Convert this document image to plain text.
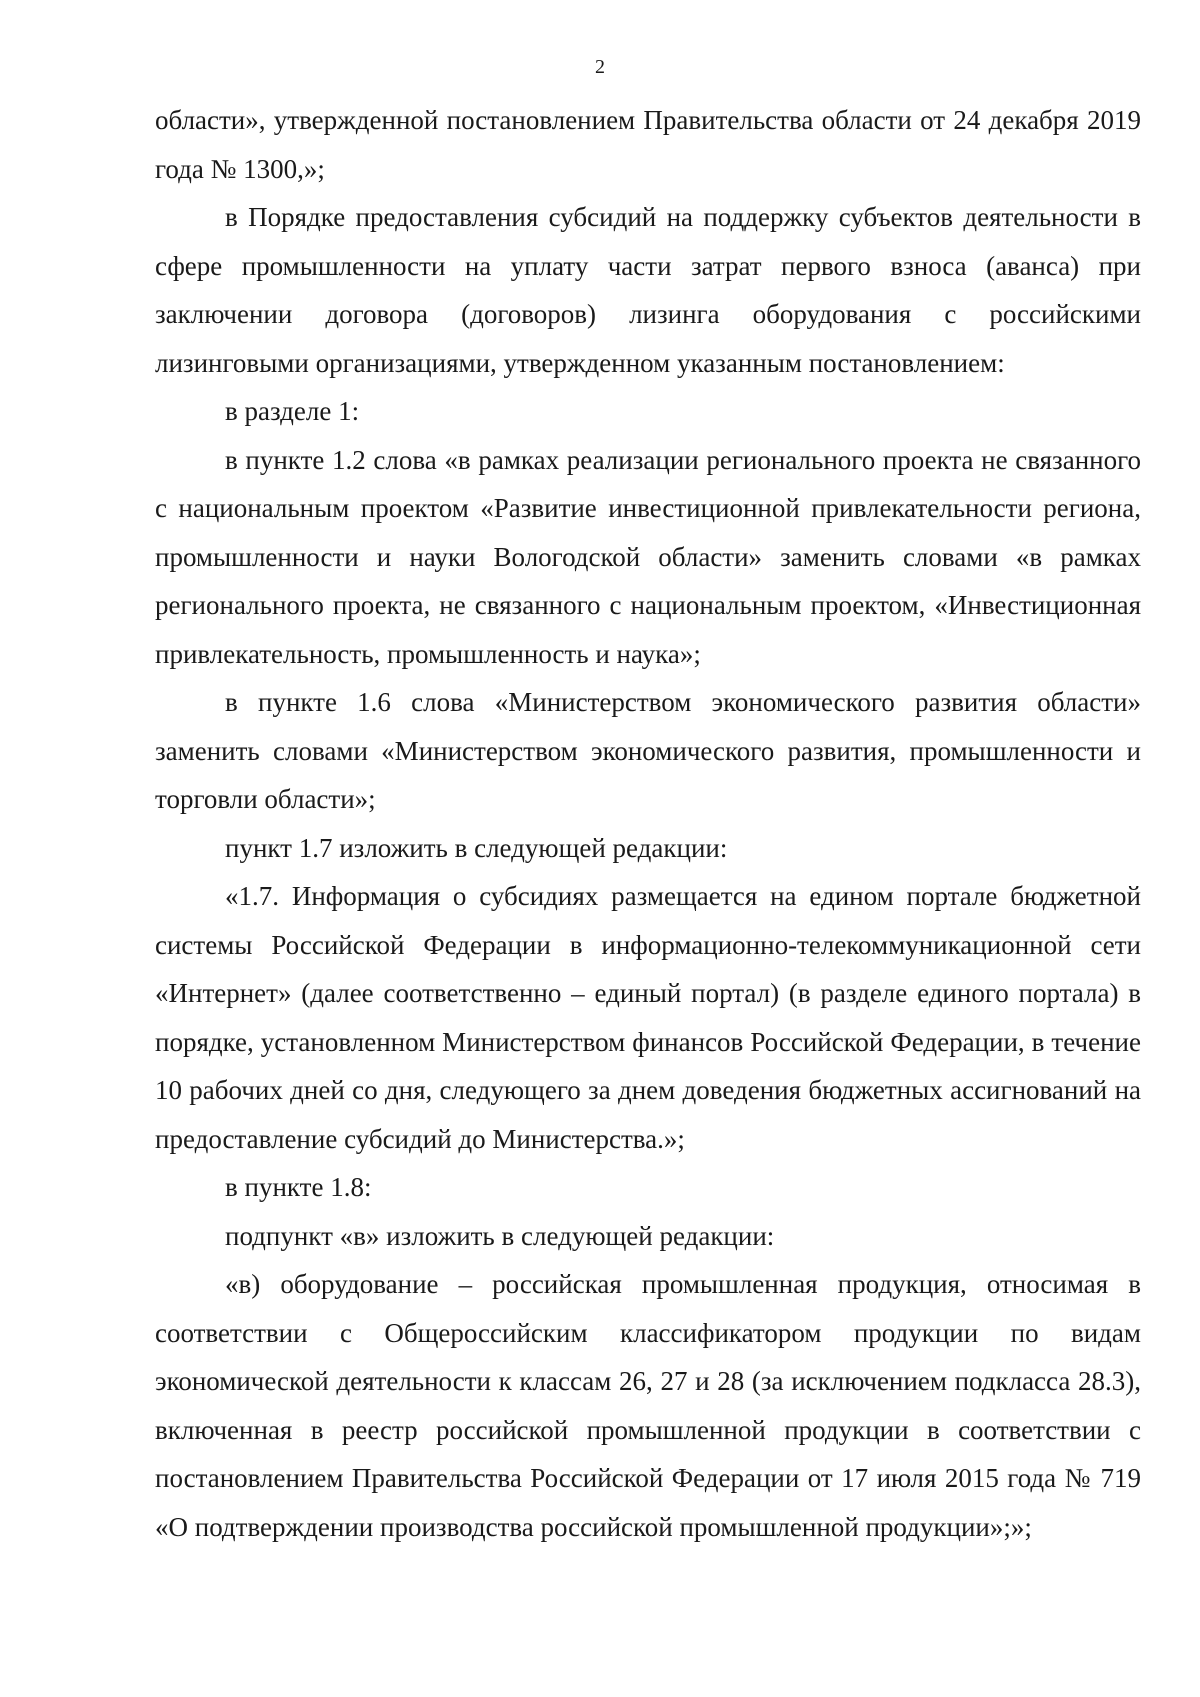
2

области», утвержденной постановлением Правительства области от 24 декабря 2019 года № 1300,»;

в Порядке предоставления субсидий на поддержку субъектов деятельности в сфере промышленности на уплату части затрат первого взноса (аванса) при заключении договора (договоров) лизинга оборудования с российскими лизинговыми организациями, утвержденном указанным постановлением:

в разделе 1:

в пункте 1.2 слова «в рамках реализации регионального проекта не связанного с национальным проектом «Развитие инвестиционной привлекательности региона, промышленности и науки Вологодской области» заменить словами «в рамках регионального проекта, не связанного с национальным проектом, «Инвестиционная привлекательность, промышленность и наука»;

в пункте 1.6 слова «Министерством экономического развития области» заменить словами «Министерством экономического развития, промышленности и торговли области»;

пункт 1.7 изложить в следующей редакции:

«1.7. Информация о субсидиях размещается на едином портале бюджетной системы Российской Федерации в информационно-телекоммуникационной сети «Интернет» (далее соответственно – единый портал) (в разделе единого портала) в порядке, установленном Министерством финансов Российской Федерации, в течение 10 рабочих дней со дня, следующего за днем доведения бюджетных ассигнований на предоставление субсидий до Министерства.»;

в пункте 1.8:

подпункт «в» изложить в следующей редакции:

«в) оборудование – российская промышленная продукция, относимая в соответствии с Общероссийским классификатором продукции по видам экономической деятельности к классам 26, 27 и 28 (за исключением подкласса 28.3), включенная в реестр российской промышленной продукции в соответствии с постановлением Правительства Российской Федерации от 17 июля 2015 года № 719 «О подтверждении производства российской промышленной продукции»;»;
